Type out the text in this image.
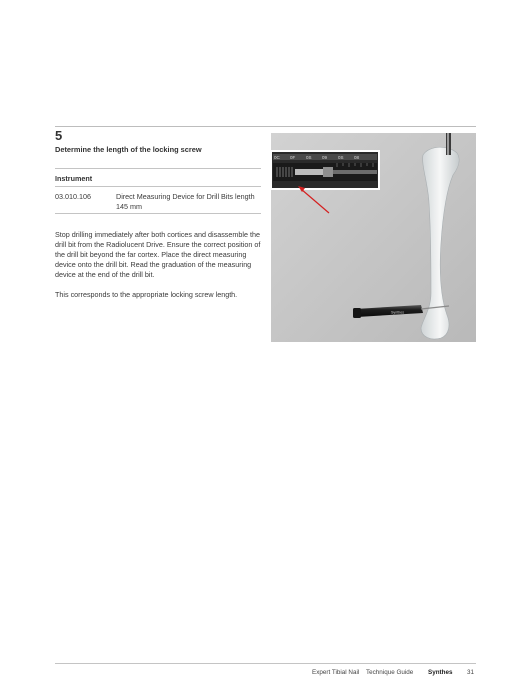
5
Determine the length of the locking screw
Instrument
03.010.106	Direct Measuring Device for Drill Bits length 145 mm
Stop drilling immediately after both cortices and disassemble the drill bit from the Radiolucent Drive. Ensure the correct position of the drill bit beyond the far cortex. Place the direct measuring device onto the drill bit. Read the graduation of the measuring device at the end of the drill bit.
This corresponds to the appropriate locking screw length.
Synthes
0C 0F 0S 09 0S 08
Expert Tibial Nail Technique Guide Synthes 31
